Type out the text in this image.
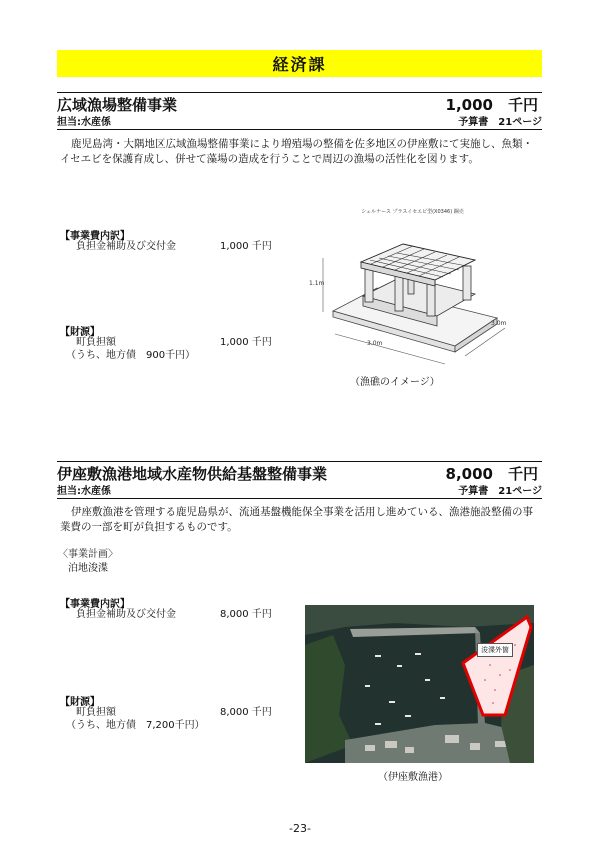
経済課
広域漁場整備事業	1,000　千円
担当:水産係	予算書　21ページ
鹿児島湾・大隅地区広域漁場整備事業により増殖場の整備を佐多地区の伊座敷にて実施し、魚類・イセエビを保護育成し、併せて藻場の造成を行うことで周辺の漁場の活性化を図ります。
【事業費内訳】
負担金補助及び交付金	1,000 千円
【財源】
町負担額	1,000 千円
（うち、地方債　900千円）
シェルナース プラスイセエビ型(X0346) 鋼売
1.1m
3.0m
3.0m
（漁礁のイメージ）
伊座敷漁港地域水産物供給基盤整備事業	8,000　千円
担当:水産係	予算書　21ページ
伊座敷漁港を管理する鹿児島県が、流通基盤機能保全事業を活用し進めている、漁港施設整備の事業費の一部を町が負担するものです。
〈事業計画〉
泊地浚渫
【事業費内訳】
負担金補助及び交付金	8,000 千円
【財源】
町負担額	8,000 千円
（うち、地方債　7,200千円）
浚渫外箇
（伊座敷漁港）
-23-
